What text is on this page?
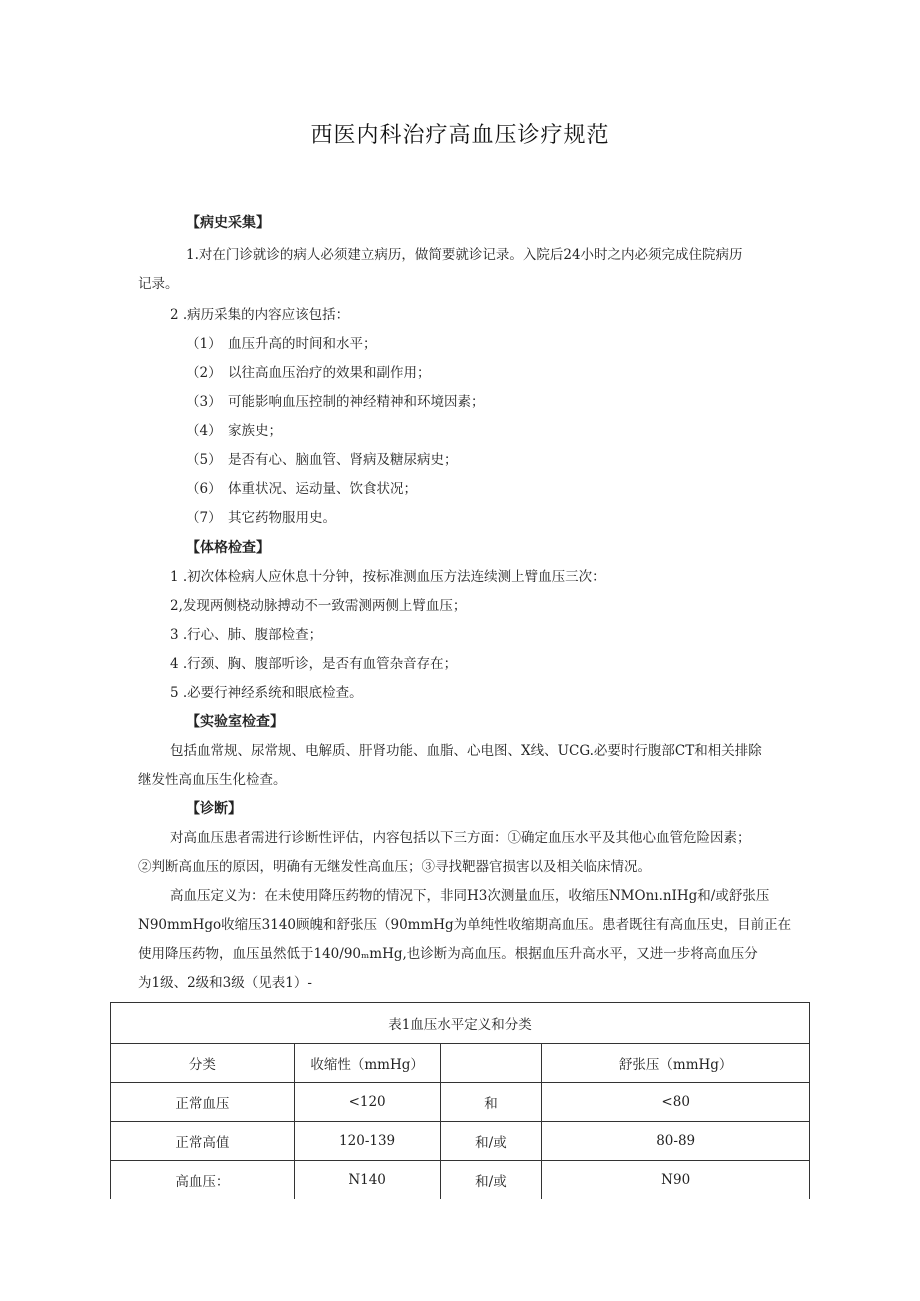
西医内科治疗高血压诊疗规范
【病史采集】
1.对在门诊就诊的病人必须建立病历，做简要就诊记录。入院后24小时之内必须完成住院病历
记录。
2 .病历采集的内容应该包括：
（1） 血压升高的时间和水平；
（2） 以往高血压治疗的效果和副作用；
（3） 可能影响血压控制的神经精神和环境因素；
（4） 家族史；
（5） 是否有心、脑血管、肾病及糖尿病史；
（6） 体重状况、运动量、饮食状况；
（7） 其它药物服用史。
【体格检查】
1 .初次体检病人应休息十分钟，按标准测血压方法连续测上臂血压三次：
2,发现两侧桡动脉搏动不一致需测两侧上臂血压；
3 .行心、肺、腹部检查；
4 .行颈、胸、腹部听诊，是否有血管杂音存在；
5 .必要行神经系统和眼底检查。
【实验室检查】
包括血常规、尿常规、电解质、肝肾功能、血脂、心电图、X线、UCG.必要时行腹部CT和相关排除
继发性高血压生化检查。
【诊断】
对高血压患者需进行诊断性评估，内容包括以下三方面：①确定血压水平及其他心血管危险因素；
②判断高血压的原因，明确有无继发性高血压；③寻找靶器官损害以及相关临床情况。
高血压定义为：在未使用降压药物的情况下，非同H3次测量血压，收缩压NMOnı.nIHg和/或舒张压
N90mmHgo收缩压3140顾魄和舒张压（90mmHg为单纯性收缩期高血压。患者既往有高血压史，目前正在
使用降压药物，血压虽然低于140/90ₘmHg,也诊断为高血压。根据血压升高水平，又进一步将高血压分
表1血压水平定义和分类			
分类	收缩性（mmHg）		舒张压（mmHg）
正常血压	<120	和	<80
正常高值	120-139	和/或	80-89
高血压：	N140	和/或	N90
为1级、2级和3级（见表1）-
